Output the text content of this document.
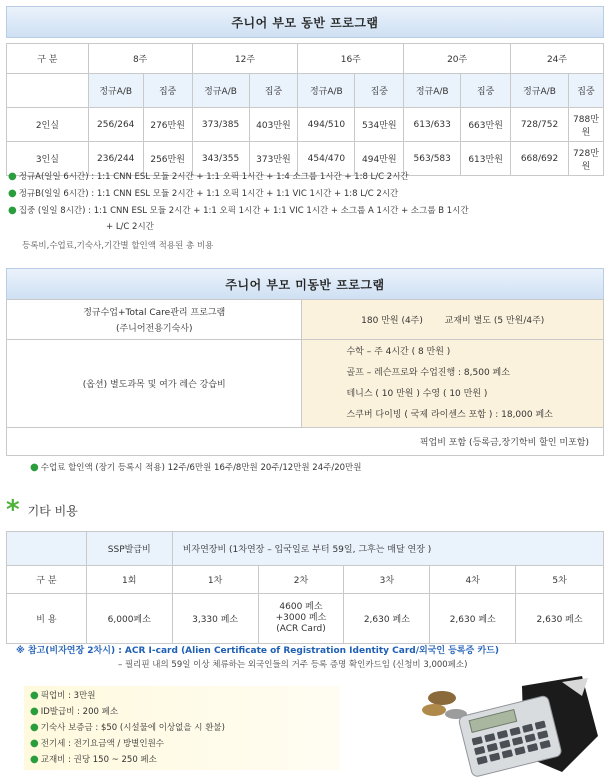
주니어 부모 동반 프로그램
구 분	8주		12주		16주		20주		24주	
	정규A/B	집중	정규A/B	집중	정규A/B	집중	정규A/B	집중	정규A/B	집중
2인실	256/264	276만원	373/385	403만원	494/510	534만원	613/633	663만원	728/752	788만원
3인실	236/244	256만원	343/355	373만원	454/470	494만원	563/583	613만원	668/692	728만원
● 정규A(일일 6시간) : 1:1 CNN ESL 모듈 2시간 + 1:1 오픽 1시간 + 1:4 소그룹 1시간 + 1:8 L/C 2시간
● 정규B(일일 6시간) : 1:1 CNN ESL 모듈 2시간 + 1:1 오픽 1시간 + 1:1 VIC 1시간 + 1:8 L/C 2시간
● 집중 (일일 8시간) : 1:1 CNN ESL 모듈 2시간 + 1:1 오픽 1시간 + 1:1 VIC 1시간 + 소그룹 A 1시간 + 소그룹 B 1시간
+ L/C 2시간
등록비,수업료,기숙사,기간별 할인액 적용된 총 비용
주니어 부모 미동반 프로그램
정규수업+Total Care관리 프로그램
(주니어전용기숙사)	180 만원 (4주) 교재비 별도 (5 만원/4주)
(옵션) 별도과목 및 여가 레슨 강습비	수학 – 주 4시간 ( 8 만원 )
골프 – 레슨프로와 수업진행 : 8,500 페소
테니스 ( 10 만원 ) 수영 ( 10 만원 )
스쿠버 다이빙 ( 국제 라이센스 포함 ) : 18,000 페소

픽업비 포함 (등록금,장기학비 할인 미포함)	
● 수업료 할인액 (장기 등록시 적용) 12주/6만원 16주/8만원 20주/12만원 24주/20만원
* 기타 비용
	SSP발급비	비자연장비 (1차연장 – 입국일로 부터 59일, 그후는 매달 연장 )				
구 분	1회	1차	2차	3차	4차	5차
비 용	6,000페소	3,330 페소	4600 페소
+3000 페소
(ACR Card)	2,630 페소	2,630 페소	2,630 페소
※ 참고(비자연장 2차시) : ACR I-card (Alien Certificate of Registration Identity Card/외국인 등록증 카드)
– 필리핀 내의 59일 이상 체류하는 외국인들의 거주 등록 증명 확인카드임 (신청비 3,000페소)
● 픽업비 : 3만원
● ID발급비 : 200 페소
● 기숙사 보증금 : $50 (시설물에 이상없을 시 환불)
● 전기세 : 전기요금액 / 방별인원수
● 교재비 : 권당 150 ~ 250 페소
